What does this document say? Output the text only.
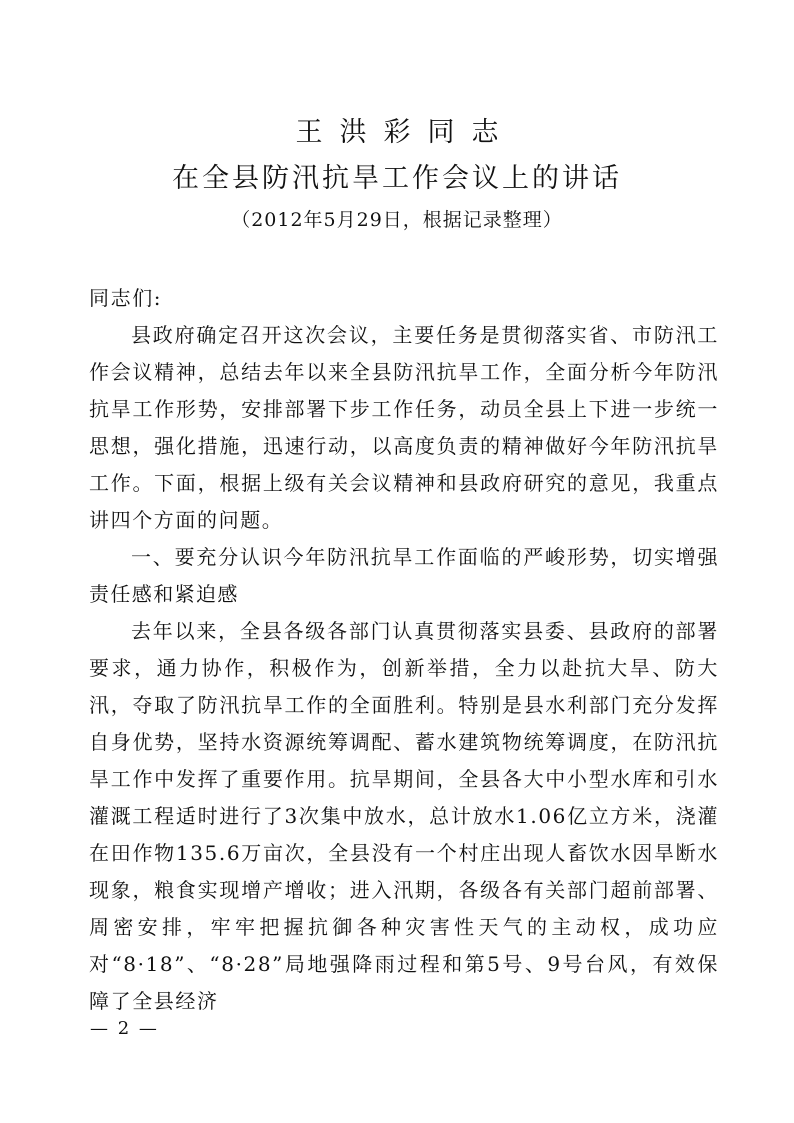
王洪彩同志
在全县防汛抗旱工作会议上的讲话
（2012年5月29日，根据记录整理）

同志们:

县政府确定召开这次会议，主要任务是贯彻落实省、市防汛工作会议精神，总结去年以来全县防汛抗旱工作，全面分析今年防汛抗旱工作形势，安排部署下步工作任务，动员全县上下进一步统一思想，强化措施，迅速行动，以高度负责的精神做好今年防汛抗旱工作。下面，根据上级有关会议精神和县政府研究的意见，我重点讲四个方面的问题。

一、要充分认识今年防汛抗旱工作面临的严峻形势，切实增强责任感和紧迫感

去年以来，全县各级各部门认真贯彻落实县委、县政府的部署要求，通力协作，积极作为，创新举措，全力以赴抗大旱、防大汛，夺取了防汛抗旱工作的全面胜利。特别是县水利部门充分发挥自身优势，坚持水资源统筹调配、蓄水建筑物统筹调度，在防汛抗旱工作中发挥了重要作用。抗旱期间，全县各大中小型水库和引水灌溉工程适时进行了3次集中放水，总计放水1.06亿立方米，浇灌在田作物135.6万亩次，全县没有一个村庄出现人畜饮水因旱断水现象，粮食实现增产增收；进入汛期，各级各有关部门超前部署、周密安排，牢牢把握抗御各种灾害性天气的主动权，成功应对“8·18”、“8·28”局地强降雨过程和第5号、9号台风，有效保障了全县经济

— 2 —
